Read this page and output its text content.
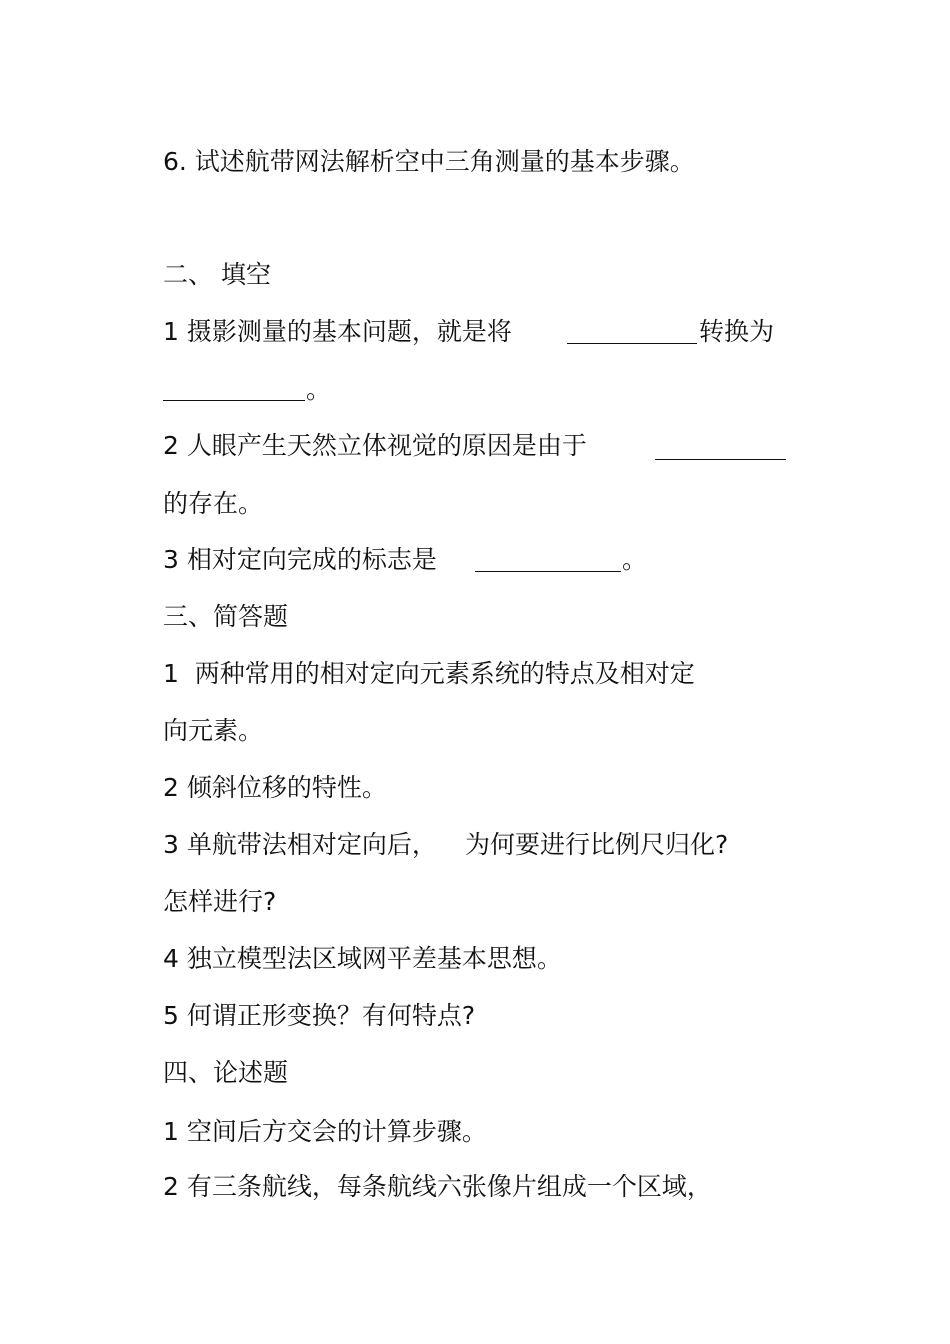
6. 试述航带网法解析空中三角测量的基本步骤。
二、 填空
1 摄影测量的基本问题，就是将	转换为
。
2 人眼产生天然立体视觉的原因是由于
的存在。
3 相对定向完成的标志是	。
三、简答题
1  两种常用的相对定向元素系统的特点及相对定
向元素。
2 倾斜位移的特性。
3 单航带法相对定向后， 为何要进行比例尺归化?
怎样进行?
4 独立模型法区域网平差基本思想。
5 何谓正形变换？有何特点?
四、论述题
1 空间后方交会的计算步骤。
2 有三条航线，每条航线六张像片组成一个区域，
